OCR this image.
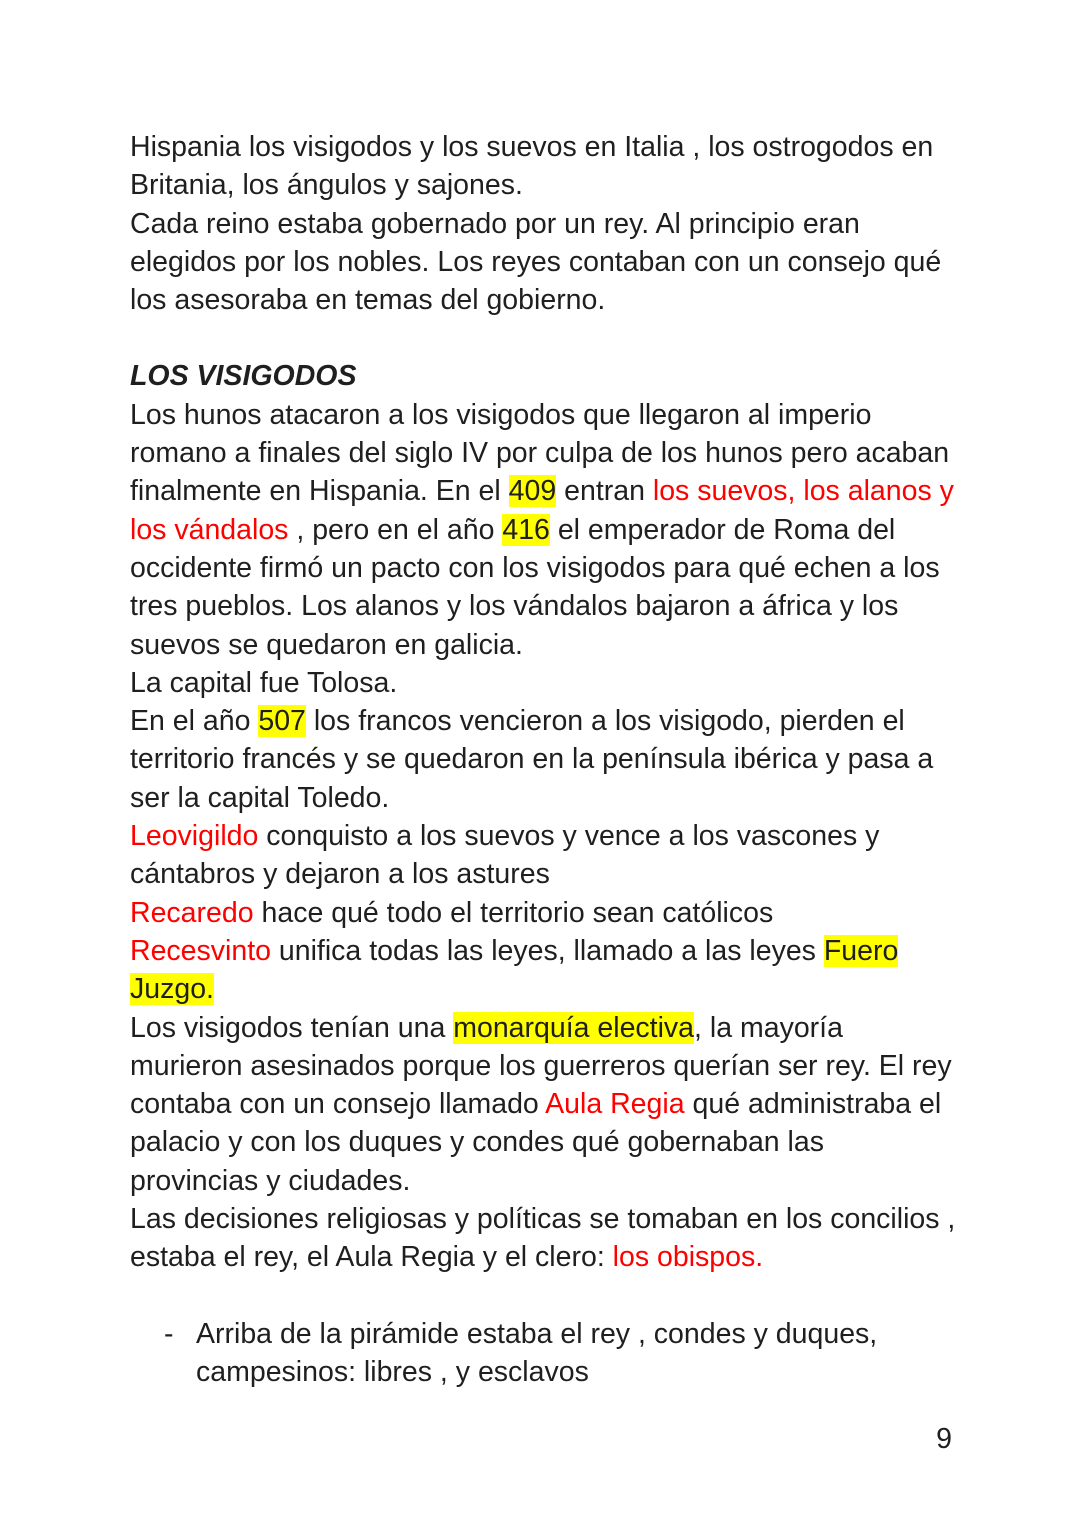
Hispania los visigodos y los suevos en Italia , los ostrogodos en Britania, los ángulos y sajones.

Cada reino estaba gobernado por un rey. Al principio eran elegidos por los nobles. Los reyes contaban con un consejo qué los asesoraba en temas del gobierno.

LOS VISIGODOS

Los hunos atacaron a los visigodos que llegaron al imperio romano a finales del siglo IV por culpa de los hunos pero acaban finalmente en Hispania. En el 409 entran los suevos, los alanos y los vándalos , pero en el año 416 el emperador de Roma del occidente firmó un pacto con los visigodos para qué echen a los tres pueblos. Los alanos y los vándalos bajaron a áfrica y los suevos se quedaron en galicia.

La capital fue Tolosa.

En el año 507 los francos vencieron a los visigodo, pierden el territorio francés y se quedaron en la península ibérica y pasa a ser la capital Toledo.

Leovigildo conquisto a los suevos y vence a los vascones y cántabros y dejaron a los astures

Recaredo hace qué todo el territorio sean católicos

Recesvinto unifica todas las leyes, llamado a las leyes Fuero Juzgo.

Los visigodos tenían una monarquía electiva, la mayoría murieron asesinados porque los guerreros querían ser rey. El rey contaba con un consejo llamado Aula Regia qué administraba el palacio y con los duques y condes qué gobernaban las provincias y ciudades.

Las decisiones religiosas y políticas se tomaban en los concilios , estaba el rey, el Aula Regia y el clero: los obispos.

- Arriba de la pirámide estaba el rey , condes y duques, campesinos: libres , y esclavos
9
